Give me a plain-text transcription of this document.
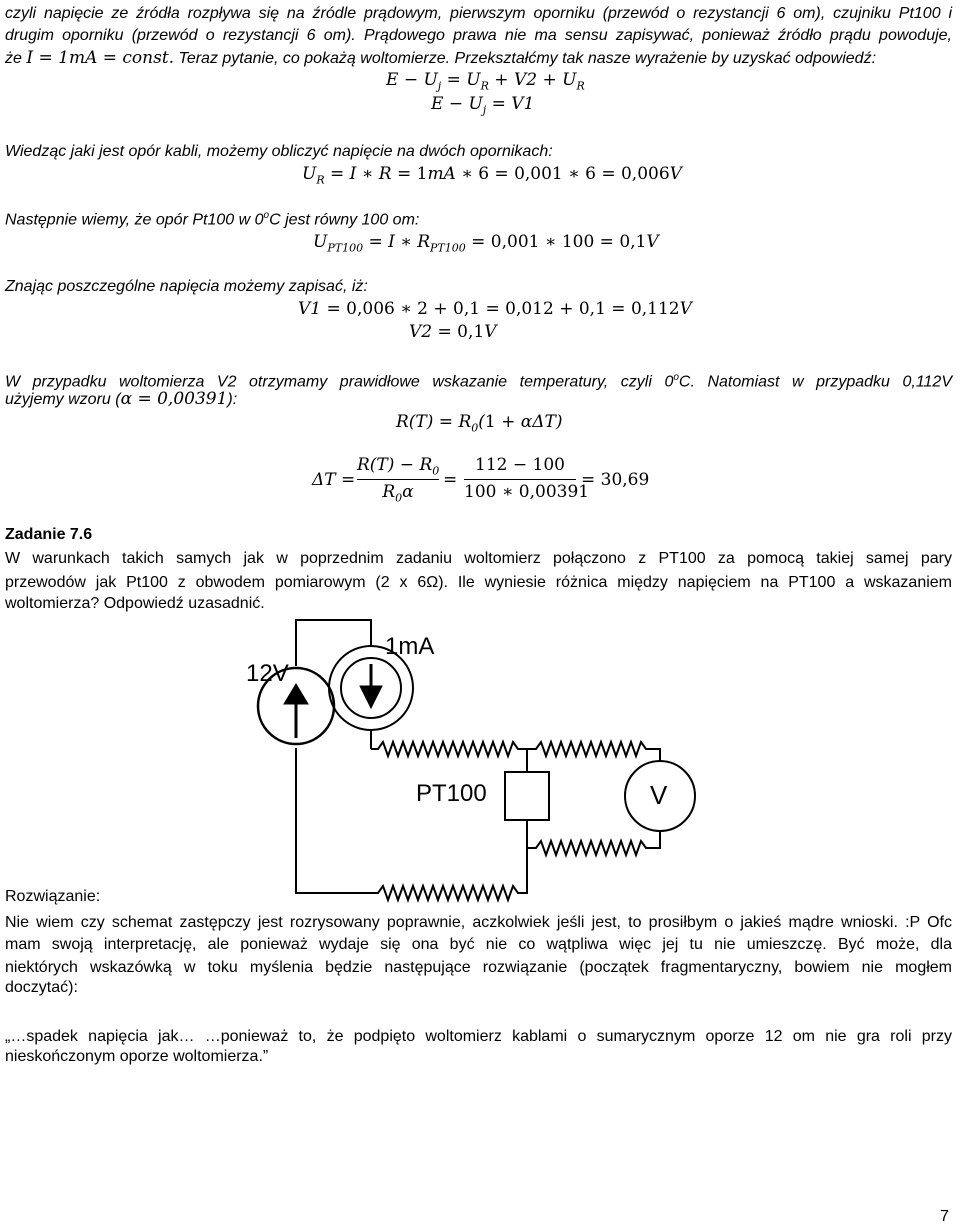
czyli napięcie ze źródła rozpływa się na źródle prądowym, pierwszym oporniku (przewód o rezystancji 6 om), czujniku Pt100 i
drugim oporniku (przewód o rezystancji 6 om). Prądowego prawa nie ma sensu zapisywać, ponieważ źródło prądu powoduje,
że I = 1mA = const. Teraz pytanie, co pokażą woltomierze. Przekształćmy tak nasze wyrażenie by uzyskać odpowiedź:
$E - U_j = U_R + V2 + U_R$
$E - U_j = V1$
Wiedząc jaki jest opór kabli, możemy obliczyć napięcie na dwóch opornikach:
$U_R = I$ ∗ R = 1mA ∗ 6 = 0,001 ∗ 6 = 0,006V
Następnie wiemy, że opór Pt100 w 0$^o$C jest równy 100 om:
$U_{PT100} = I$ ∗ $R_{PT100} = 0,001$ ∗ 100 = 0,1V
Znając poszczególne napięcia możemy zapisać, iż:
V1 = 0,006 ∗ 2 + 0,1 = 0,012 + 0,1 = 0,112V
V2 = 0,1V
W przypadku woltomierza V2 otrzymamy prawidłowe wskazanie temperatury, czyli 0$^o$C. Natomiast w przypadku 0,112V
użyjemy wzoru (α = 0,00391):
$R(T) = R_0(1 + \alpha\Delta T)$
ΔT =
$R(T) - R_0$
$R_0\alpha$
=
112 − 100
100 ∗ 0,00391
= 30,69
Zadanie 7.6
W warunkach takich samych jak w poprzednim zadaniu woltomierz połączono z PT100 za pomocą takiej samej pary
przewodów jak Pt100 z obwodem pomiarowym (2 x 6Ω). Ile wyniesie różnica między napięciem na PT100 a wskazaniem
woltomierza? Odpowiedź uzasadnić.
12V
1mA
PT100	V
Rozwiązanie:
Nie wiem czy schemat zastępczy jest rozrysowany poprawnie, aczkolwiek jeśli jest, to prosiłbym o jakieś mądre wnioski. :P Ofc
mam swoją interpretację, ale ponieważ wydaje się ona być nie co wątpliwa więc jej tu nie umieszczę. Być może, dla
niektórych wskazówką w toku myślenia będzie następujące rozwiązanie (początek fragmentaryczny, bowiem nie mogłem
doczytać):
„…spadek napięcia jak… …ponieważ to, że podpięto woltomierz kablami o sumarycznym oporze 12 om nie gra roli przy
nieskończonym oporze woltomierza.”
7
